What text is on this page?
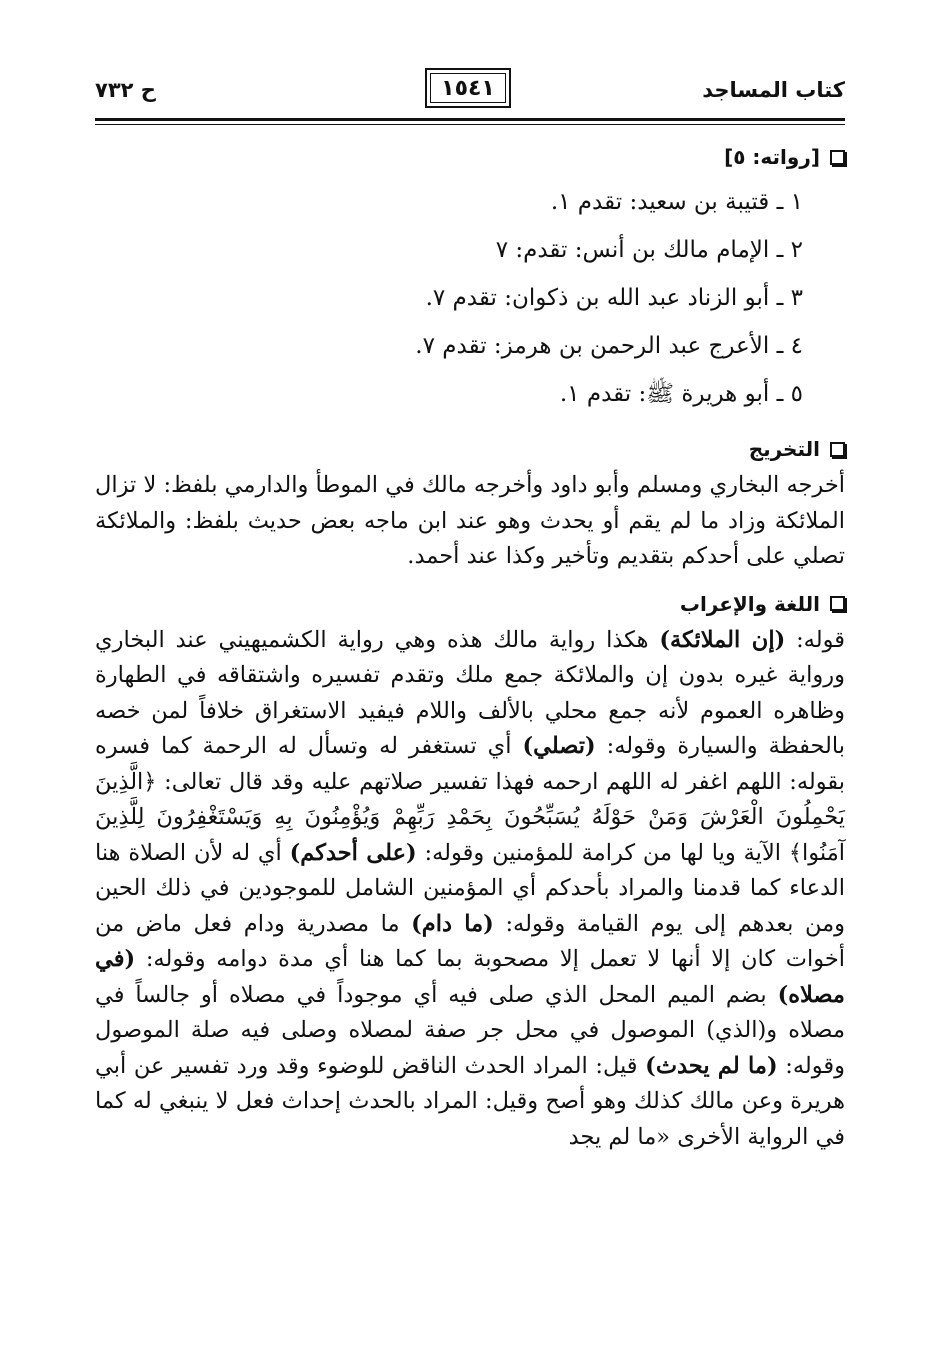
كتاب المساجد
١٥٤١
ح ٧٣٢
[رواته: ٥]
١ ـ قتيبة بن سعيد: تقدم ١.
٢ ـ الإمام مالك بن أنس: تقدم: ٧
٣ ـ أبو الزناد عبد الله بن ذكوان: تقدم ٧.
٤ ـ الأعرج عبد الرحمن بن هرمز: تقدم ٧.
٥ ـ أبو هريرة ﷺ: تقدم ١.
التخريج

أخرجه البخاري ومسلم وأبو داود وأخرجه مالك في الموطأ والدارمي بلفظ: لا تزال الملائكة وزاد ما لم يقم أو يحدث وهو عند ابن ماجه بعض حديث بلفظ: والملائكة تصلي على أحدكم بتقديم وتأخير وكذا عند أحمد.

اللغة والإعراب

قوله: (إن الملائكة) هكذا رواية مالك هذه وهي رواية الكشميهيني عند البخاري ورواية غيره بدون إن والملائكة جمع ملك وتقدم تفسيره واشتقاقه في الطهارة وظاهره العموم لأنه جمع محلي بالألف واللام فيفيد الاستغراق خلافاً لمن خصه بالحفظة والسيارة وقوله: (تصلي) أي تستغفر له وتسأل له الرحمة كما فسره بقوله: اللهم اغفر له اللهم ارحمه فهذا تفسير صلاتهم عليه وقد قال تعالى: ﴿الَّذِينَ يَحْمِلُونَ الْعَرْشَ وَمَنْ حَوْلَهُ يُسَبِّحُونَ بِحَمْدِ رَبِّهِمْ وَيُؤْمِنُونَ بِهِ وَيَسْتَغْفِرُونَ لِلَّذِينَ آمَنُوا﴾ الآية ويا لها من كرامة للمؤمنين وقوله: (على أحدكم) أي له لأن الصلاة هنا الدعاء كما قدمنا والمراد بأحدكم أي المؤمنين الشامل للموجودين في ذلك الحين ومن بعدهم إلى يوم القيامة وقوله: (ما دام) ما مصدرية ودام فعل ماض من أخوات كان إلا أنها لا تعمل إلا مصحوبة بما كما هنا أي مدة دوامه وقوله: (في مصلاه) بضم الميم المحل الذي صلى فيه أي موجوداً في مصلاه أو جالساً في مصلاه و(الذي) الموصول في محل جر صفة لمصلاه وصلى فيه صلة الموصول وقوله: (ما لم يحدث) قيل: المراد الحدث الناقض للوضوء وقد ورد تفسير عن أبي هريرة وعن مالك كذلك وهو أصح وقيل: المراد بالحدث إحداث فعل لا ينبغي له كما في الرواية الأخرى «ما لم يجد
